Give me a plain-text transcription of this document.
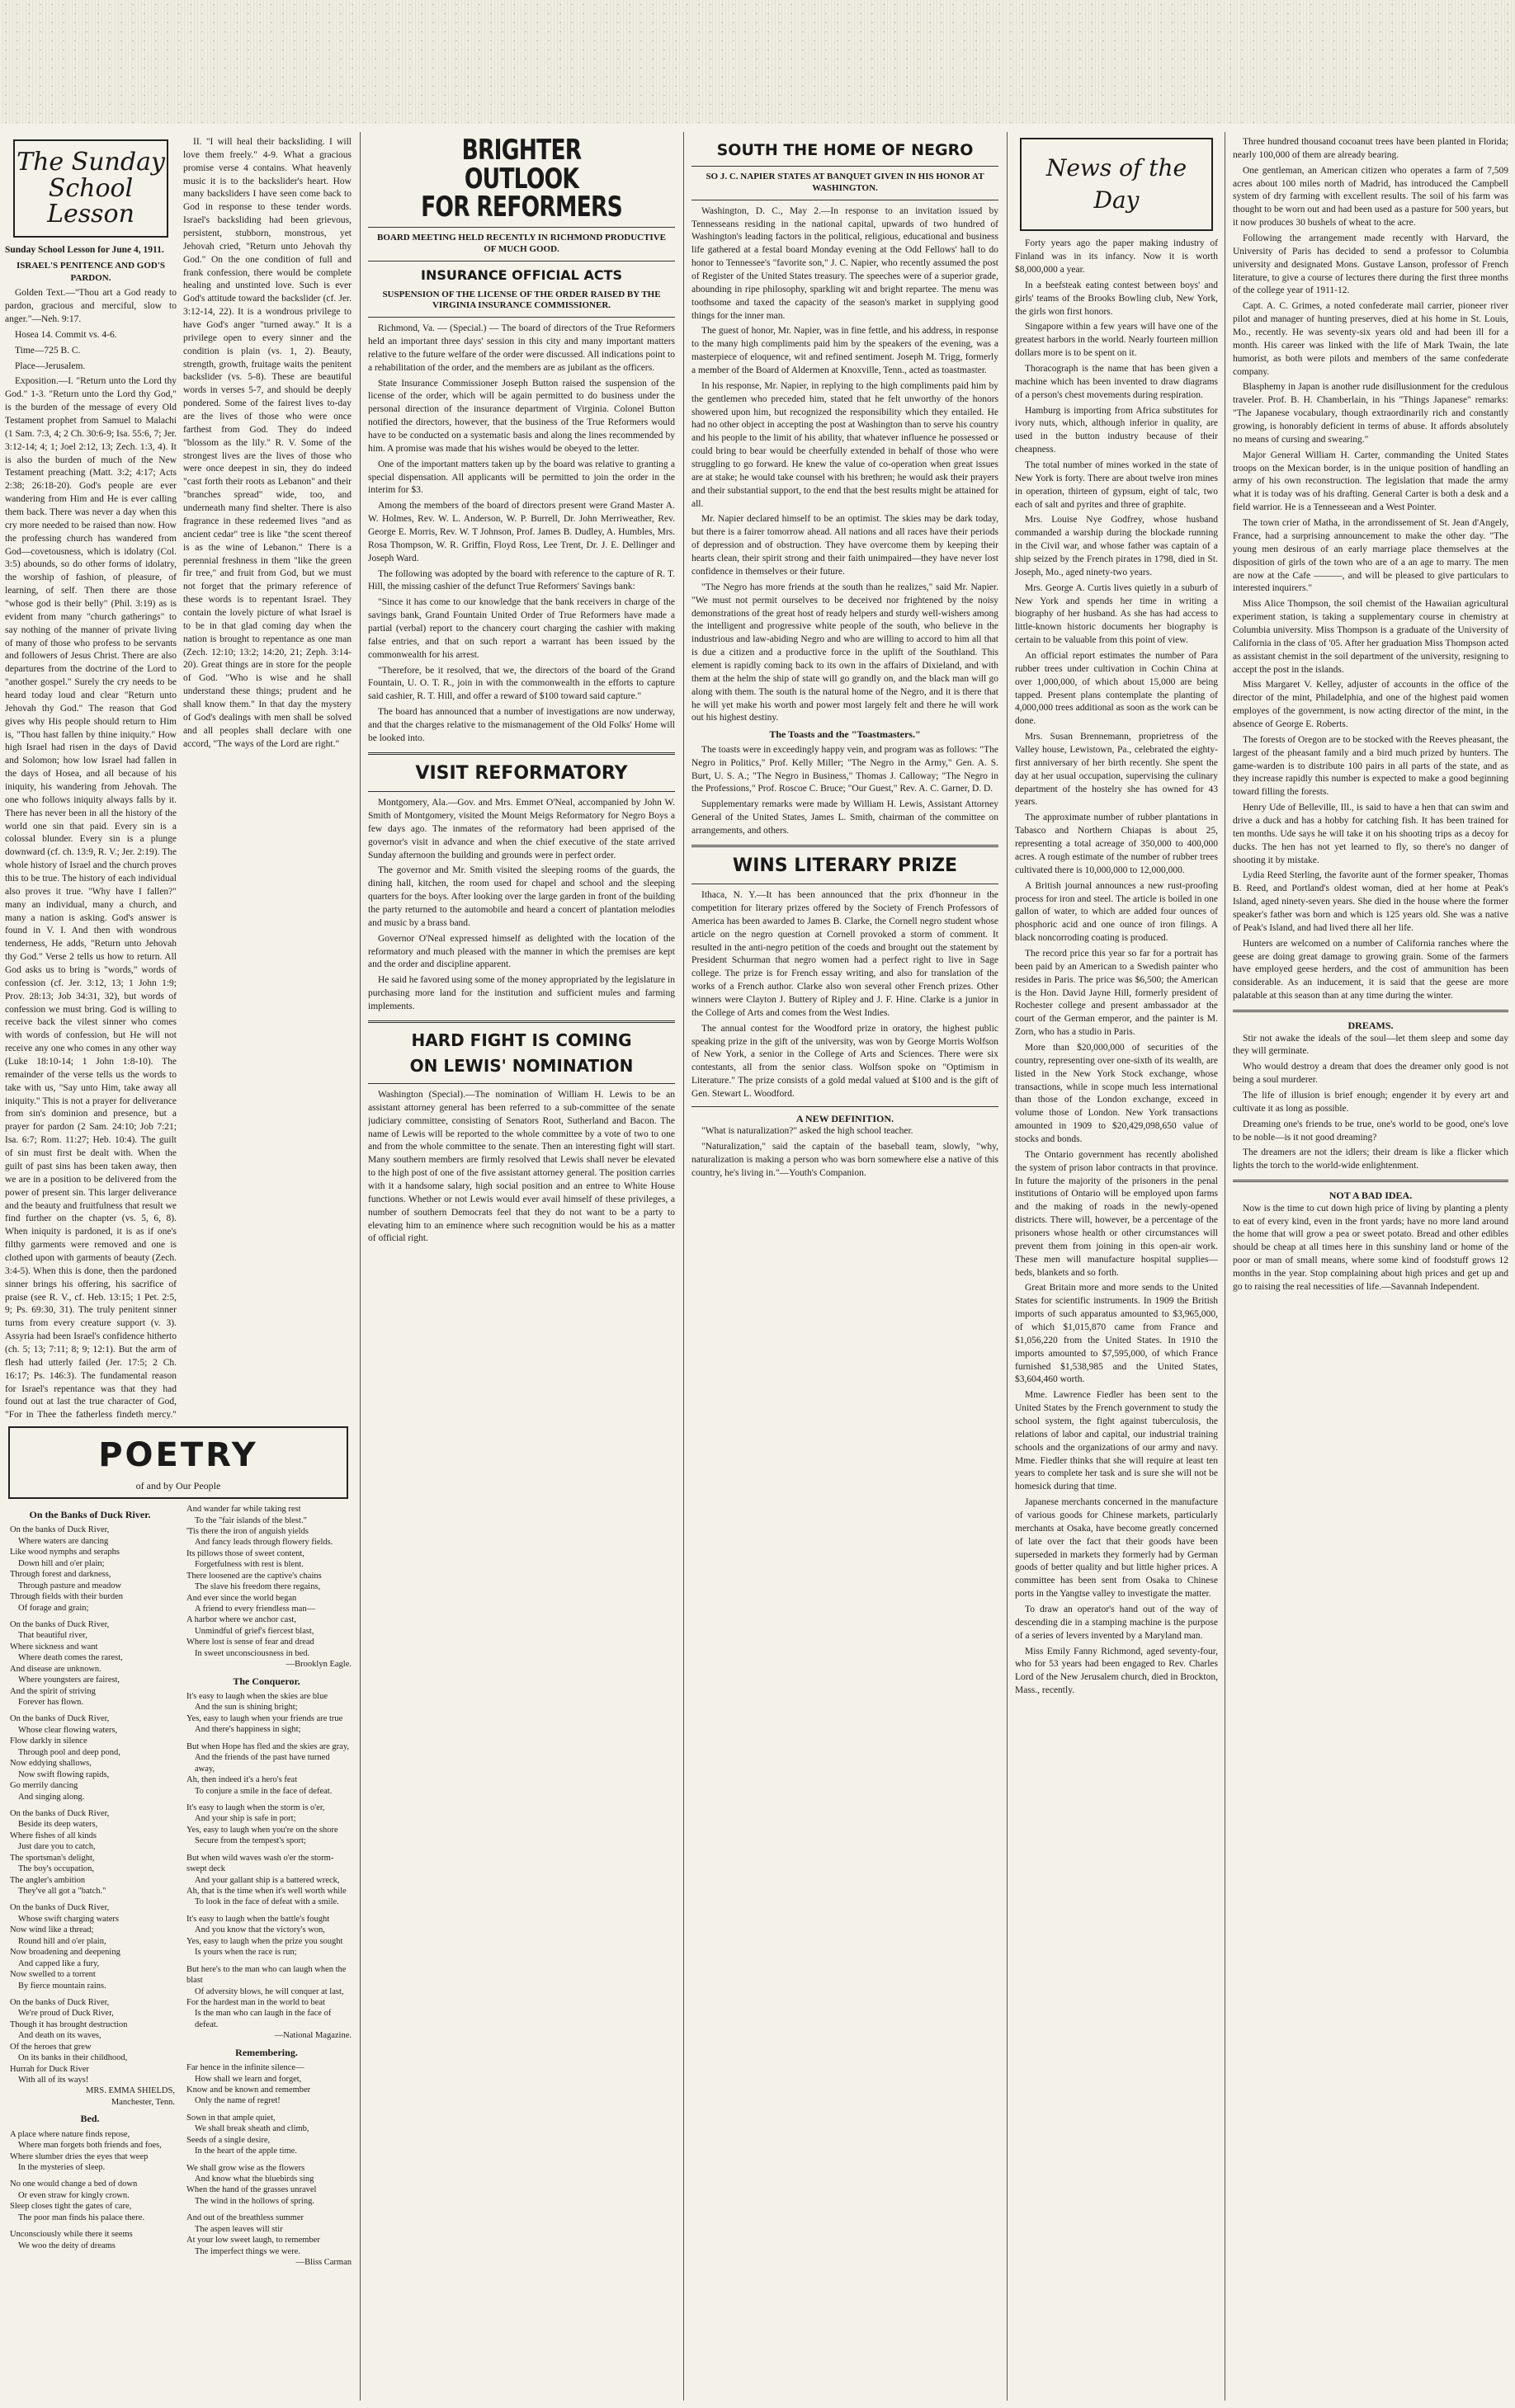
The Sunday
School Lesson

Sunday School Lesson for June 4, 1911.

ISRAEL'S PENITENCE AND GOD'S PARDON.

Golden Text.—"Thou art a God ready to pardon, gracious and merciful, slow to anger."—Neh. 9:17.

Hosea 14. Commit vs. 4-6.

Time—725 B. C.

Place—Jerusalem.

Exposition.—I. "Return unto the Lord thy God." 1-3. "Return unto the Lord thy God," is the burden of the message of every Old Testament prophet from Samuel to Malachi (1 Sam. 7:3, 4; 2 Ch. 30:6-9; Isa. 55:6, 7; Jer. 3:12-14; 4; 1; Joel 2:12, 13; Zech. 1:3, 4). It is also the burden of much of the New Testament preaching (Matt. 3:2; 4:17; Acts 2:38; 26:18-20). God's people are ever wandering from Him and He is ever calling them back. There was never a day when this cry more needed to be raised than now. How the professing church has wandered from God—covetousness, which is idolatry (Col. 3:5) abounds, so do other forms of idolatry, the worship of fashion, of pleasure, of learning, of self. Then there are those "whose god is their belly" (Phil. 3:19) as is evident from many "church gatherings" to say nothing of the manner of private living of many of those who profess to be servants and followers of Jesus Christ. There are also departures from the doctrine of the Lord to "another gospel." Surely the cry needs to be heard today loud and clear "Return unto Jehovah thy God." The reason that God gives why His people should return to Him is, "Thou hast fallen by thine iniquity." How high Israel had risen in the days of David and Solomon; how low Israel had fallen in the days of Hosea, and all because of his iniquity, his wandering from Jehovah. The one who follows iniquity always falls by it. There has never been in all the history of the world one sin that paid. Every sin is a colossal blunder. Every sin is a plunge downward (cf. ch. 13:9, R. V.; Jer. 2:19). The whole history of Israel and the church proves this to be true. The history of each individual also proves it true. "Why have I fallen?" many an individual, many a church, and many a nation is asking. God's answer is found in V. I. And then with wondrous tenderness, He adds, "Return unto Jehovah thy God." Verse 2 tells us how to return. All God asks us to bring is "words," words of confession (cf. Jer. 3:12, 13; 1 John 1:9; Prov. 28:13; Job 34:31, 32), but words of confession we must bring. God is willing to receive back the vilest sinner who comes with words of confession, but He will not receive any one who comes in any other way (Luke 18:10-14; 1 John 1:8-10). The remainder of the verse tells us the words to take with us, "Say unto Him, take away all iniquity." This is not a prayer for deliverance from sin's dominion and presence, but a prayer for pardon (2 Sam. 24:10; Job 7:21; Isa. 6:7; Rom. 11:27; Heb. 10:4). The guilt of sin must first be dealt with. When the guilt of past sins has been taken away, then we are in a position to be delivered from the power of present sin. This larger deliverance and the beauty and fruitfulness that result we find further on the chapter (vs. 5, 6, 8). When iniquity is pardoned, it is as if one's filthy garments were removed and one is clothed upon with garments of beauty (Zech. 3:4-5). When this is done, then the pardoned sinner brings his offering, his sacrifice of praise (see R. V., cf. Heb. 13:15; 1 Pet. 2:5, 9; Ps. 69:30, 31). The truly penitent sinner turns from every creature support (v. 3). Assyria had been Israel's confidence hitherto (ch. 5; 13; 7:11; 8; 9; 12:1). But the arm of flesh had utterly failed (Jer. 17:5; 2 Ch. 16:17; Ps. 146:3). The fundamental reason for Israel's repentance was that they had found out at last the true character of God, "For in Thee the fatherless findeth mercy."

II. "I will heal their backsliding. I will love them freely." 4-9. What a gracious promise verse 4 contains. What heavenly music it is to the backslider's heart. How many backsliders I have seen come back to God in response to these tender words. Israel's backsliding had been grievous, persistent, stubborn, monstrous, yet Jehovah cried, "Return unto Jehovah thy God." On the one condition of full and frank confession, there would be complete healing and unstinted love. Such is ever God's attitude toward the backslider (cf. Jer. 3:12-14, 22). It is a wondrous privilege to have God's anger "turned away." It is a privilege open to every sinner and the condition is plain (vs. 1, 2). Beauty, strength, growth, fruitage waits the penitent backslider (vs. 5-8). These are beautiful words in verses 5-7, and should be deeply pondered. Some of the fairest lives to-day are the lives of those who were once farthest from God. They do indeed "blossom as the lily." R. V. Some of the strongest lives are the lives of those who were once deepest in sin, they do indeed "cast forth their roots as Lebanon" and their "branches spread" wide, too, and underneath many find shelter. There is also fragrance in these redeemed lives "and as ancient cedar" tree is like "the scent thereof is as the wine of Lebanon." There is a perennial freshness in them "like the green fir tree," and fruit from God, but we must not forget that the primary reference of these words is to repentant Israel. They contain the lovely picture of what Israel is to be in that glad coming day when the nation is brought to repentance as one man (Zech. 12:10; 13:2; 14:20, 21; Zeph. 3:14-20). Great things are in store for the people of God. "Who is wise and he shall understand these things; prudent and he shall know them." In that day the mystery of God's dealings with men shall be solved and all peoples shall declare with one accord, "The ways of the Lord are right."

POETRY
of and by Our People
On the Banks of Duck River.
On the banks of Duck River,
Where waters are dancing
Like wood nymphs and seraphs
Down hill and o'er plain;
Through forest and darkness,
Through pasture and meadow
Through fields with their burden
Of forage and grain;
On the banks of Duck River,
That beautiful river,
Where sickness and want
Where death comes the rarest,
And disease are unknown.
Where youngsters are fairest,
And the spirit of striving
Forever has flown.
On the banks of Duck River,
Whose clear flowing waters,
Flow darkly in silence
Through pool and deep pond,
Now eddying shallows,
Now swift flowing rapids,
Go merrily dancing
And singing along.
On the banks of Duck River,
Beside its deep waters,
Where fishes of all kinds
Just dare you to catch,
The sportsman's delight,
The boy's occupation,
The angler's ambition
They've all got a "batch."
On the banks of Duck River,
Whose swift charging waters
Now wind like a thread;
Round hill and o'er plain,
Now broadening and deepening
And capped like a fury,
Now swelled to a torrent
By fierce mountain rains.
On the banks of Duck River,
We're proud of Duck River,
Though it has brought destruction
And death on its waves,
Of the heroes that grew
On its banks in their childhood,
Hurrah for Duck River
With all of its ways!
MRS. EMMA SHIELDS,
Manchester, Tenn.
Bed.
A place where nature finds repose,
Where man forgets both friends and foes,
Where slumber dries the eyes that weep
In the mysteries of sleep.
No one would change a bed of down
Or even straw for kingly crown.
Sleep closes tight the gates of care,
The poor man finds his palace there.
Unconsciously while there it seems
We woo the deity of dreams
And wander far while taking rest
To the "fair islands of the blest."
'Tis there the iron of anguish yields
And fancy leads through flowery fields.
Its pillows those of sweet content,
Forgetfulness with rest is blent.
There loosened are the captive's chains
The slave his freedom there regains,
And ever since the world began
A friend to every friendless man—
A harbor where we anchor cast,
Unmindful of grief's fiercest blast,
Where lost is sense of fear and dread
In sweet unconsciousness in bed.
—Brooklyn Eagle.
The Conqueror.
It's easy to laugh when the skies are blue
And the sun is shining bright;
Yes, easy to laugh when your friends are true
And there's happiness in sight;
But when Hope has fled and the skies are gray,
And the friends of the past have turned away,
Ah, then indeed it's a hero's feat
To conjure a smile in the face of defeat.
It's easy to laugh when the storm is o'er,
And your ship is safe in port;
Yes, easy to laugh when you're on the shore
Secure from the tempest's sport;
But when wild waves wash o'er the storm-swept deck
And your gallant ship is a battered wreck,
Ah, that is the time when it's well worth while
To look in the face of defeat with a smile.
It's easy to laugh when the battle's fought
And you know that the victory's won,
Yes, easy to laugh when the prize you sought
Is yours when the race is run;
But here's to the man who can laugh when the blast
Of adversity blows, he will conquer at last,
For the hardest man in the world to beat
Is the man who can laugh in the face of defeat.
—National Magazine.
Remembering.
Far hence in the infinite silence—
How shall we learn and forget,
Know and be known and remember
Only the name of regret!
Sown in that ample quiet,
We shall break sheath and climb,
Seeds of a single desire,
In the heart of the apple time.
We shall grow wise as the flowers
And know what the bluebirds sing
When the hand of the grasses unravel
The wind in the hollows of spring.
And out of the breathless summer
The aspen leaves will stir
At your low sweet laugh, to remember
The imperfect things we were.
—Bliss Carman
BRIGHTER OUTLOOK
FOR REFORMERS
BOARD MEETING HELD RECENTLY IN RICHMOND PRODUCTIVE OF MUCH GOOD.
INSURANCE OFFICIAL ACTS
SUSPENSION OF THE LICENSE OF THE ORDER RAISED BY THE VIRGINIA INSURANCE COMMISSIONER.

Richmond, Va. — (Special.) — The board of directors of the True Reformers held an important three days' session in this city and many important matters relative to the future welfare of the order were discussed. All indications point to a rehabilitation of the order, and the members are as jubilant as the officers.

State Insurance Commissioner Joseph Button raised the suspension of the license of the order, which will be again permitted to do business under the personal direction of the insurance department of Virginia. Colonel Button notified the directors, however, that the business of the True Reformers would have to be conducted on a systematic basis and along the lines recommended by him. A promise was made that his wishes would be obeyed to the letter.

One of the important matters taken up by the board was relative to granting a special dispensation. All applicants will be permitted to join the order in the interim for $3.

Among the members of the board of directors present were Grand Master A. W. Holmes, Rev. W. L. Anderson, W. P. Burrell, Dr. John Merriweather, Rev. George E. Morris, Rev. W. T Johnson, Prof. James B. Dudley, A. Humbles, Mrs. Rosa Thompson, W. R. Griffin, Floyd Ross, Lee Trent, Dr. J. E. Dellinger and Joseph Ward.

The following was adopted by the board with reference to the capture of R. T. Hill, the missing cashier of the defunct True Reformers' Savings bank:

"Since it has come to our knowledge that the bank receivers in charge of the savings bank, Grand Fountain United Order of True Reformers have made a partial (verbal) report to the chancery court charging the cashier with making false entries, and that on such report a warrant has been issued by the commonwealth for his arrest.

"Therefore, be it resolved, that we, the directors of the board of the Grand Fountain, U. O. T. R., join in with the commonwealth in the efforts to capture said cashier, R. T. Hill, and offer a reward of $100 toward said capture."

The board has announced that a number of investigations are now underway, and that the charges relative to the mismanagement of the Old Folks' Home will be looked into.

VISIT REFORMATORY

Montgomery, Ala.—Gov. and Mrs. Emmet O'Neal, accompanied by John W. Smith of Montgomery, visited the Mount Meigs Reformatory for Negro Boys a few days ago. The inmates of the reformatory had been apprised of the governor's visit in advance and when the chief executive of the state arrived Sunday afternoon the building and grounds were in perfect order.

The governor and Mr. Smith visited the sleeping rooms of the guards, the dining hall, kitchen, the room used for chapel and school and the sleeping quarters for the boys. After looking over the large garden in front of the building the party returned to the automobile and heard a concert of plantation melodies and music by a brass band.

Governor O'Neal expressed himself as delighted with the location of the reformatory and much pleased with the manner in which the premises are kept and the order and discipline apparent.

He said he favored using some of the money appropriated by the legislature in purchasing more land for the institution and sufficient mules and farming implements.

HARD FIGHT IS COMING
ON LEWIS' NOMINATION

Washington (Special).—The nomination of William H. Lewis to be an assistant attorney general has been referred to a sub-committee of the senate judiciary committee, consisting of Senators Root, Sutherland and Bacon. The name of Lewis will be reported to the whole committee by a vote of two to one and from the whole committee to the senate. Then an interesting fight will start. Many southern members are firmly resolved that Lewis shall never be elevated to the high post of one of the five assistant attorney general. The position carries with it a handsome salary, high social position and an entree to White House functions. Whether or not Lewis would ever avail himself of these privileges, a number of southern Democrats feel that they do not want to be a party to elevating him to an eminence where such recognition would be his as a matter of official right.

SOUTH THE HOME OF NEGRO
SO J. C. NAPIER STATES AT BANQUET GIVEN IN HIS HONOR AT WASHINGTON.

Washington, D. C., May 2.—In response to an invitation issued by Tennesseans residing in the national capital, upwards of two hundred of Washington's leading factors in the political, religious, educational and business life gathered at a festal board Monday evening at the Odd Fellows' hall to do honor to Tennessee's "favorite son," J. C. Napier, who recently assumed the post of Register of the United States treasury. The speeches were of a superior grade, abounding in ripe philosophy, sparkling wit and bright repartee. The menu was toothsome and taxed the capacity of the season's market in supplying good things for the inner man.

The guest of honor, Mr. Napier, was in fine fettle, and his address, in response to the many high compliments paid him by the speakers of the evening, was a masterpiece of eloquence, wit and refined sentiment. Joseph M. Trigg, formerly a member of the Board of Aldermen at Knoxville, Tenn., acted as toastmaster.

In his response, Mr. Napier, in replying to the high compliments paid him by the gentlemen who preceded him, stated that he felt unworthy of the honors showered upon him, but recognized the responsibility which they entailed. He had no other object in accepting the post at Washington than to serve his country and his people to the limit of his ability, that whatever influence he possessed or could bring to bear would be cheerfully extended in behalf of those who were struggling to go forward. He knew the value of co-operation when great issues are at stake; he would take counsel with his brethren; he would ask their prayers and their substantial support, to the end that the best results might be attained for all.

Mr. Napier declared himself to be an optimist. The skies may be dark today, but there is a fairer tomorrow ahead. All nations and all races have their periods of depression and of obstruction. They have overcome them by keeping their hearts clean, their spirit strong and their faith unimpaired—they have never lost confidence in themselves or their future.

"The Negro has more friends at the south than he realizes," said Mr. Napier. "We must not permit ourselves to be deceived nor frightened by the noisy demonstrations of the great host of ready helpers and sturdy well-wishers among the intelligent and progressive white people of the south, who believe in the industrious and law-abiding Negro and who are willing to accord to him all that is due a citizen and a productive force in the uplift of the Southland. This element is rapidly coming back to its own in the affairs of Dixieland, and with them at the helm the ship of state will go grandly on, and the black man will go along with them. The south is the natural home of the Negro, and it is there that he will yet make his worth and power most largely felt and there he will work out his highest destiny.

The Toasts and the "Toastmasters."

The toasts were in exceedingly happy vein, and program was as follows: "The Negro in Politics," Prof. Kelly Miller; "The Negro in the Army," Gen. A. S. Burt, U. S. A.; "The Negro in Business," Thomas J. Calloway; "The Negro in the Professions," Prof. Roscoe C. Bruce; "Our Guest," Rev. A. C. Garner, D. D.

Supplementary remarks were made by William H. Lewis, Assistant Attorney General of the United States, James L. Smith, chairman of the committee on arrangements, and others.

WINS LITERARY PRIZE

Ithaca, N. Y.—It has been announced that the prix d'honneur in the competition for literary prizes offered by the Society of French Professors of America has been awarded to James B. Clarke, the Cornell negro student whose article on the negro question at Cornell provoked a storm of comment. It resulted in the anti-negro petition of the coeds and brought out the statement by President Schurman that negro women had a perfect right to live in Sage college. The prize is for French essay writing, and also for translation of the works of a French author. Clarke also won several other French prizes. Other winners were Clayton J. Buttery of Ripley and J. F. Hine. Clarke is a junior in the College of Arts and comes from the West Indies.

The annual contest for the Woodford prize in oratory, the highest public speaking prize in the gift of the university, was won by George Morris Wolfson of New York, a senior in the College of Arts and Sciences. There were six contestants, all from the senior class. Wolfson spoke on "Optimism in Literature." The prize consists of a gold medal valued at $100 and is the gift of Gen. Stewart L. Woodford.

A NEW DEFINITION.

"What is naturalization?" asked the high school teacher.

"Naturalization," said the captain of the baseball team, slowly, "why, naturalization is making a person who was born somewhere else a native of this country, he's living in."—Youth's Companion.

News of the Day

Forty years ago the paper making industry of Finland was in its infancy. Now it is worth $8,000,000 a year.

In a beefsteak eating contest between boys' and girls' teams of the Brooks Bowling club, New York, the girls won first honors.

Singapore within a few years will have one of the greatest harbors in the world. Nearly fourteen million dollars more is to be spent on it.

Thoracograph is the name that has been given a machine which has been invented to draw diagrams of a person's chest movements during respiration.

Hamburg is importing from Africa substitutes for ivory nuts, which, although inferior in quality, are used in the button industry because of their cheapness.

The total number of mines worked in the state of New York is forty. There are about twelve iron mines in operation, thirteen of gypsum, eight of talc, two each of salt and pyrites and three of graphite.

Mrs. Louise Nye Godfrey, whose husband commanded a warship during the blockade running in the Civil war, and whose father was captain of a ship seized by the French pirates in 1798, died in St. Joseph, Mo., aged ninety-two years.

Mrs. George A. Curtis lives quietly in a suburb of New York and spends her time in writing a biography of her husband. As she has had access to little-known historic documents her biography is certain to be valuable from this point of view.

An official report estimates the number of Para rubber trees under cultivation in Cochin China at over 1,000,000, of which about 15,000 are being tapped. Present plans contemplate the planting of 4,000,000 trees additional as soon as the work can be done.

Mrs. Susan Brennemann, proprietress of the Valley house, Lewistown, Pa., celebrated the eighty-first anniversary of her birth recently. She spent the day at her usual occupation, supervising the culinary department of the hostelry she has owned for 43 years.

The approximate number of rubber plantations in Tabasco and Northern Chiapas is about 25, representing a total acreage of 350,000 to 400,000 acres. A rough estimate of the number of rubber trees cultivated there is 10,000,000 to 12,000,000.

A British journal announces a new rust-proofing process for iron and steel. The article is boiled in one gallon of water, to which are added four ounces of phosphoric acid and one ounce of iron filings. A black noncorroding coating is produced.

The record price this year so far for a portrait has been paid by an American to a Swedish painter who resides in Paris. The price was $6,500; the American is the Hon. David Jayne Hill, formerly president of Rochester college and present ambassador at the court of the German emperor, and the painter is M. Zorn, who has a studio in Paris.

More than $20,000,000 of securities of the country, representing over one-sixth of its wealth, are listed in the New York Stock exchange, whose transactions, while in scope much less international than those of the London exchange, exceed in volume those of London. New York transactions amounted in 1909 to $20,429,098,650 value of stocks and bonds.

The Ontario government has recently abolished the system of prison labor contracts in that province. In future the majority of the prisoners in the penal institutions of Ontario will be employed upon farms and the making of roads in the newly-opened districts. There will, however, be a percentage of the prisoners whose health or other circumstances will prevent them from joining in this open-air work. These men will manufacture hospital supplies—beds, blankets and so forth.

Great Britain more and more sends to the United States for scientific instruments. In 1909 the British imports of such apparatus amounted to $3,965,000, of which $1,015,870 came from France and $1,056,220 from the United States. In 1910 the imports amounted to $7,595,000, of which France furnished $1,538,985 and the United States, $3,604,460 worth.

Mme. Lawrence Fiedler has been sent to the United States by the French government to study the school system, the fight against tuberculosis, the relations of labor and capital, our industrial training schools and the organizations of our army and navy. Mme. Fiedler thinks that she will require at least ten years to complete her task and is sure she will not be homesick during that time.

Japanese merchants concerned in the manufacture of various goods for Chinese markets, particularly merchants at Osaka, have become greatly concerned of late over the fact that their goods have been superseded in markets they formerly had by German goods of better quality and but little higher prices. A committee has been sent from Osaka to Chinese ports in the Yangtse valley to investigate the matter.

To draw an operator's hand out of the way of descending die in a stamping machine is the purpose of a series of levers invented by a Maryland man.

Miss Emily Fanny Richmond, aged seventy-four, who for 53 years had been engaged to Rev. Charles Lord of the New Jerusalem church, died in Brockton, Mass., recently.

Three hundred thousand cocoanut trees have been planted in Florida; nearly 100,000 of them are already bearing.

One gentleman, an American citizen who operates a farm of 7,509 acres about 100 miles north of Madrid, has introduced the Campbell system of dry farming with excellent results. The soil of his farm was thought to be worn out and had been used as a pasture for 500 years, but it now produces 30 bushels of wheat to the acre.

Following the arrangement made recently with Harvard, the University of Paris has decided to send a professor to Columbia university and designated Mons. Gustave Lanson, professor of French literature, to give a course of lectures there during the first three months of the college year of 1911-12.

Capt. A. C. Grimes, a noted confederate mail carrier, pioneer river pilot and manager of hunting preserves, died at his home in St. Louis, Mo., recently. He was seventy-six years old and had been ill for a month. His career was linked with the life of Mark Twain, the late humorist, as both were pilots and members of the same confederate company.

Blasphemy in Japan is another rude disillusionment for the credulous traveler. Prof. B. H. Chamberlain, in his "Things Japanese" remarks: "The Japanese vocabulary, though extraordinarily rich and constantly growing, is honorably deficient in terms of abuse. It affords absolutely no means of cursing and swearing."

Major General William H. Carter, commanding the United States troops on the Mexican border, is in the unique position of handling an army of his own reconstruction. The legislation that made the army what it is today was of his drafting. General Carter is both a desk and a field warrior. He is a Tennesseean and a West Pointer.

The town crier of Matha, in the arrondissement of St. Jean d'Angely, France, had a surprising announcement to make the other day. "The young men desirous of an early marriage place themselves at the disposition of girls of the town who are of a an age to marry. The men are now at the Cafe ———, and will be pleased to give particulars to interested inquirers."

Miss Alice Thompson, the soil chemist of the Hawaiian agricultural experiment station, is taking a supplementary course in chemistry at Columbia university. Miss Thompson is a graduate of the University of California in the class of '05. After her graduation Miss Thompson acted as assistant chemist in the soil department of the university, resigning to accept the post in the islands.

Miss Margaret V. Kelley, adjuster of accounts in the office of the director of the mint, Philadelphia, and one of the highest paid women employes of the government, is now acting director of the mint, in the absence of George E. Roberts.

The forests of Oregon are to be stocked with the Reeves pheasant, the largest of the pheasant family and a bird much prized by hunters. The game-warden is to distribute 100 pairs in all parts of the state, and as they increase rapidly this number is expected to make a good beginning toward filling the forests.

Henry Ude of Belleville, Ill., is said to have a hen that can swim and drive a duck and has a hobby for catching fish. It has been trained for ten months. Ude says he will take it on his shooting trips as a decoy for ducks. The hen has not yet learned to fly, so there's no danger of shooting it by mistake.

Lydia Reed Sterling, the favorite aunt of the former speaker, Thomas B. Reed, and Portland's oldest woman, died at her home at Peak's Island, aged ninety-seven years. She died in the house where the former speaker's father was born and which is 125 years old. She was a native of Peak's Island, and had lived there all her life.

Hunters are welcomed on a number of California ranches where the geese are doing great damage to growing grain. Some of the farmers have employed geese herders, and the cost of ammunition has been considerable. As an inducement, it is said that the geese are more palatable at this season than at any time during the winter.

DREAMS.

Stir not awake the ideals of the soul—let them sleep and some day they will germinate.

Who would destroy a dream that does the dreamer only good is not being a soul murderer.

The life of illusion is brief enough; engender it by every art and cultivate it as long as possible.

Dreaming one's friends to be true, one's world to be good, one's love to be noble—is it not good dreaming?

The dreamers are not the idlers; their dream is like a flicker which lights the torch to the world-wide enlightenment.

NOT A BAD IDEA.

Now is the time to cut down high price of living by planting a plenty to eat of every kind, even in the front yards; have no more land around the home that will grow a pea or sweet potato. Bread and other edibles should be cheap at all times here in this sunshiny land or home of the poor or man of small means, where some kind of foodstuff grows 12 months in the year. Stop complaining about high prices and get up and go to raising the real necessities of life.—Savannah Independent.
